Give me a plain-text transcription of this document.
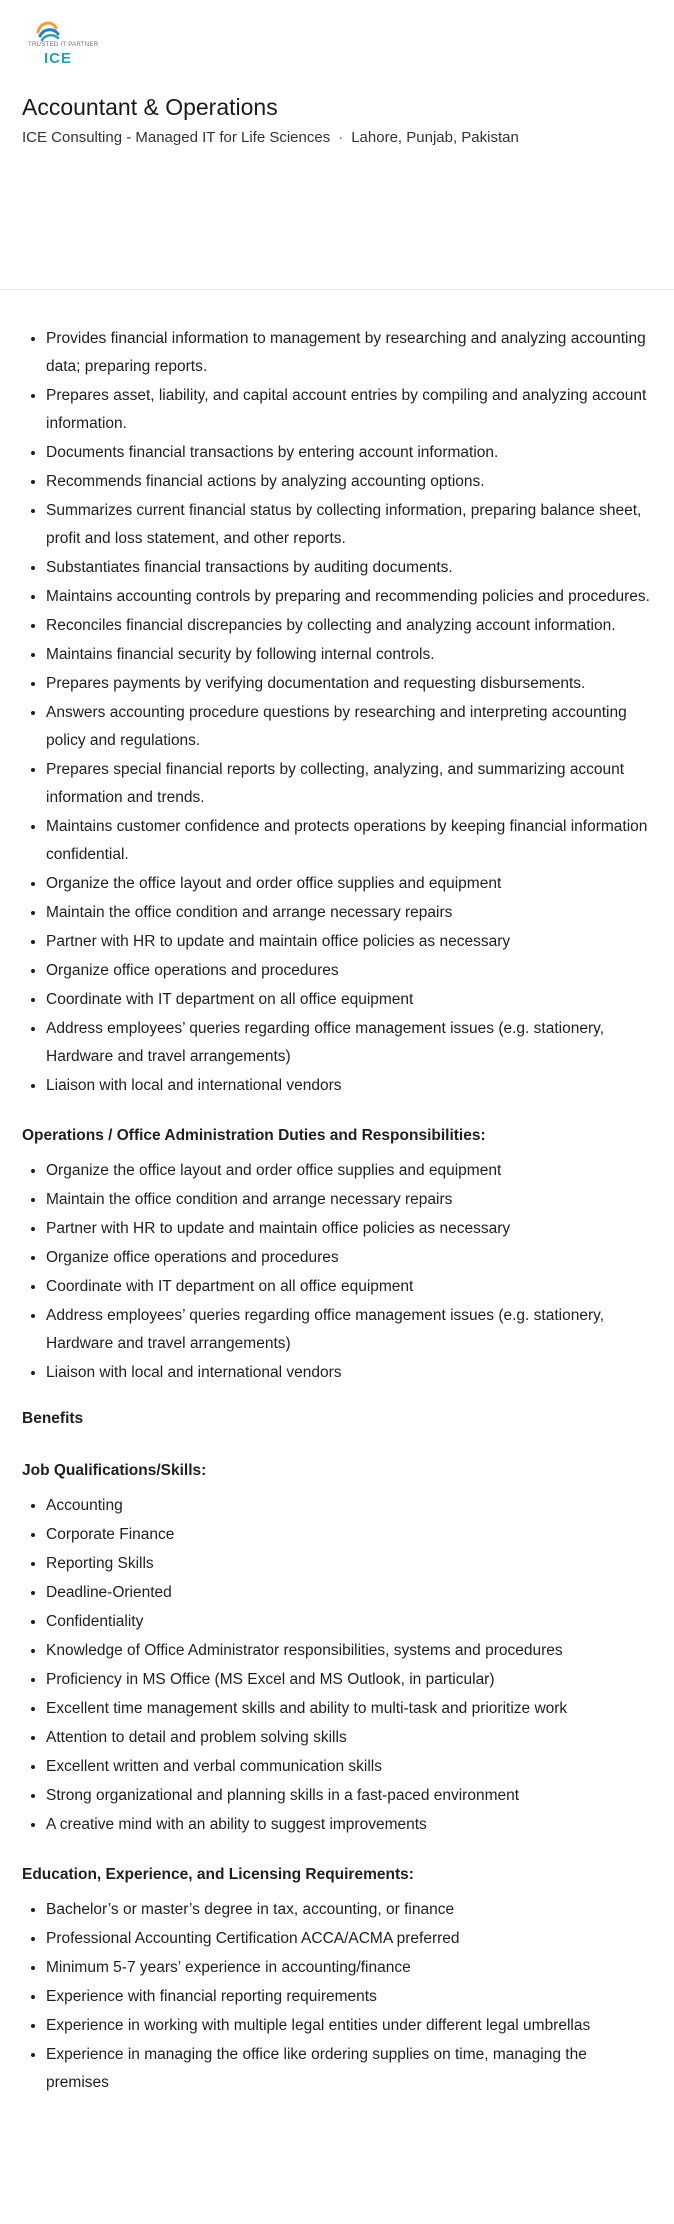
TRUSTED IT PARTNER
ICE
Accountant & Operations
ICE Consulting - Managed IT for Life Sciences · Lahore, Punjab, Pakistan
• Provides financial information to management by researching and analyzing accounting data; preparing reports.
• Prepares asset, liability, and capital account entries by compiling and analyzing account information.
• Documents financial transactions by entering account information.
• Recommends financial actions by analyzing accounting options.
• Summarizes current financial status by collecting information, preparing balance sheet, profit and loss statement, and other reports.
• Substantiates financial transactions by auditing documents.
• Maintains accounting controls by preparing and recommending policies and procedures.
• Reconciles financial discrepancies by collecting and analyzing account information.
• Maintains financial security by following internal controls.
• Prepares payments by verifying documentation and requesting disbursements.
• Answers accounting procedure questions by researching and interpreting accounting policy and regulations.
• Prepares special financial reports by collecting, analyzing, and summarizing account information and trends.
• Maintains customer confidence and protects operations by keeping financial information confidential.
• Organize the office layout and order office supplies and equipment
• Maintain the office condition and arrange necessary repairs
• Partner with HR to update and maintain office policies as necessary
• Organize office operations and procedures
• Coordinate with IT department on all office equipment
• Address employees’ queries regarding office management issues (e.g. stationery, Hardware and travel arrangements)
• Liaison with local and international vendors

Operations / Office Administration Duties and Responsibilities:

• Organize the office layout and order office supplies and equipment
• Maintain the office condition and arrange necessary repairs
• Partner with HR to update and maintain office policies as necessary
• Organize office operations and procedures
• Coordinate with IT department on all office equipment
• Address employees’ queries regarding office management issues (e.g. stationery, Hardware and travel arrangements)
• Liaison with local and international vendors

Benefits

Job Qualifications/Skills:

• Accounting
• Corporate Finance
• Reporting Skills
• Deadline-Oriented
• Confidentiality
• Knowledge of Office Administrator responsibilities, systems and procedures
• Proficiency in MS Office (MS Excel and MS Outlook, in particular)
• Excellent time management skills and ability to multi-task and prioritize work
• Attention to detail and problem solving skills
• Excellent written and verbal communication skills
• Strong organizational and planning skills in a fast-paced environment
• A creative mind with an ability to suggest improvements

Education, Experience, and Licensing Requirements:

• Bachelor’s or master’s degree in tax, accounting, or finance
• Professional Accounting Certification ACCA/ACMA preferred
• Minimum 5-7 years’ experience in accounting/finance
• Experience with financial reporting requirements
• Experience in working with multiple legal entities under different legal umbrellas
• Experience in managing the office like ordering supplies on time, managing the premises
